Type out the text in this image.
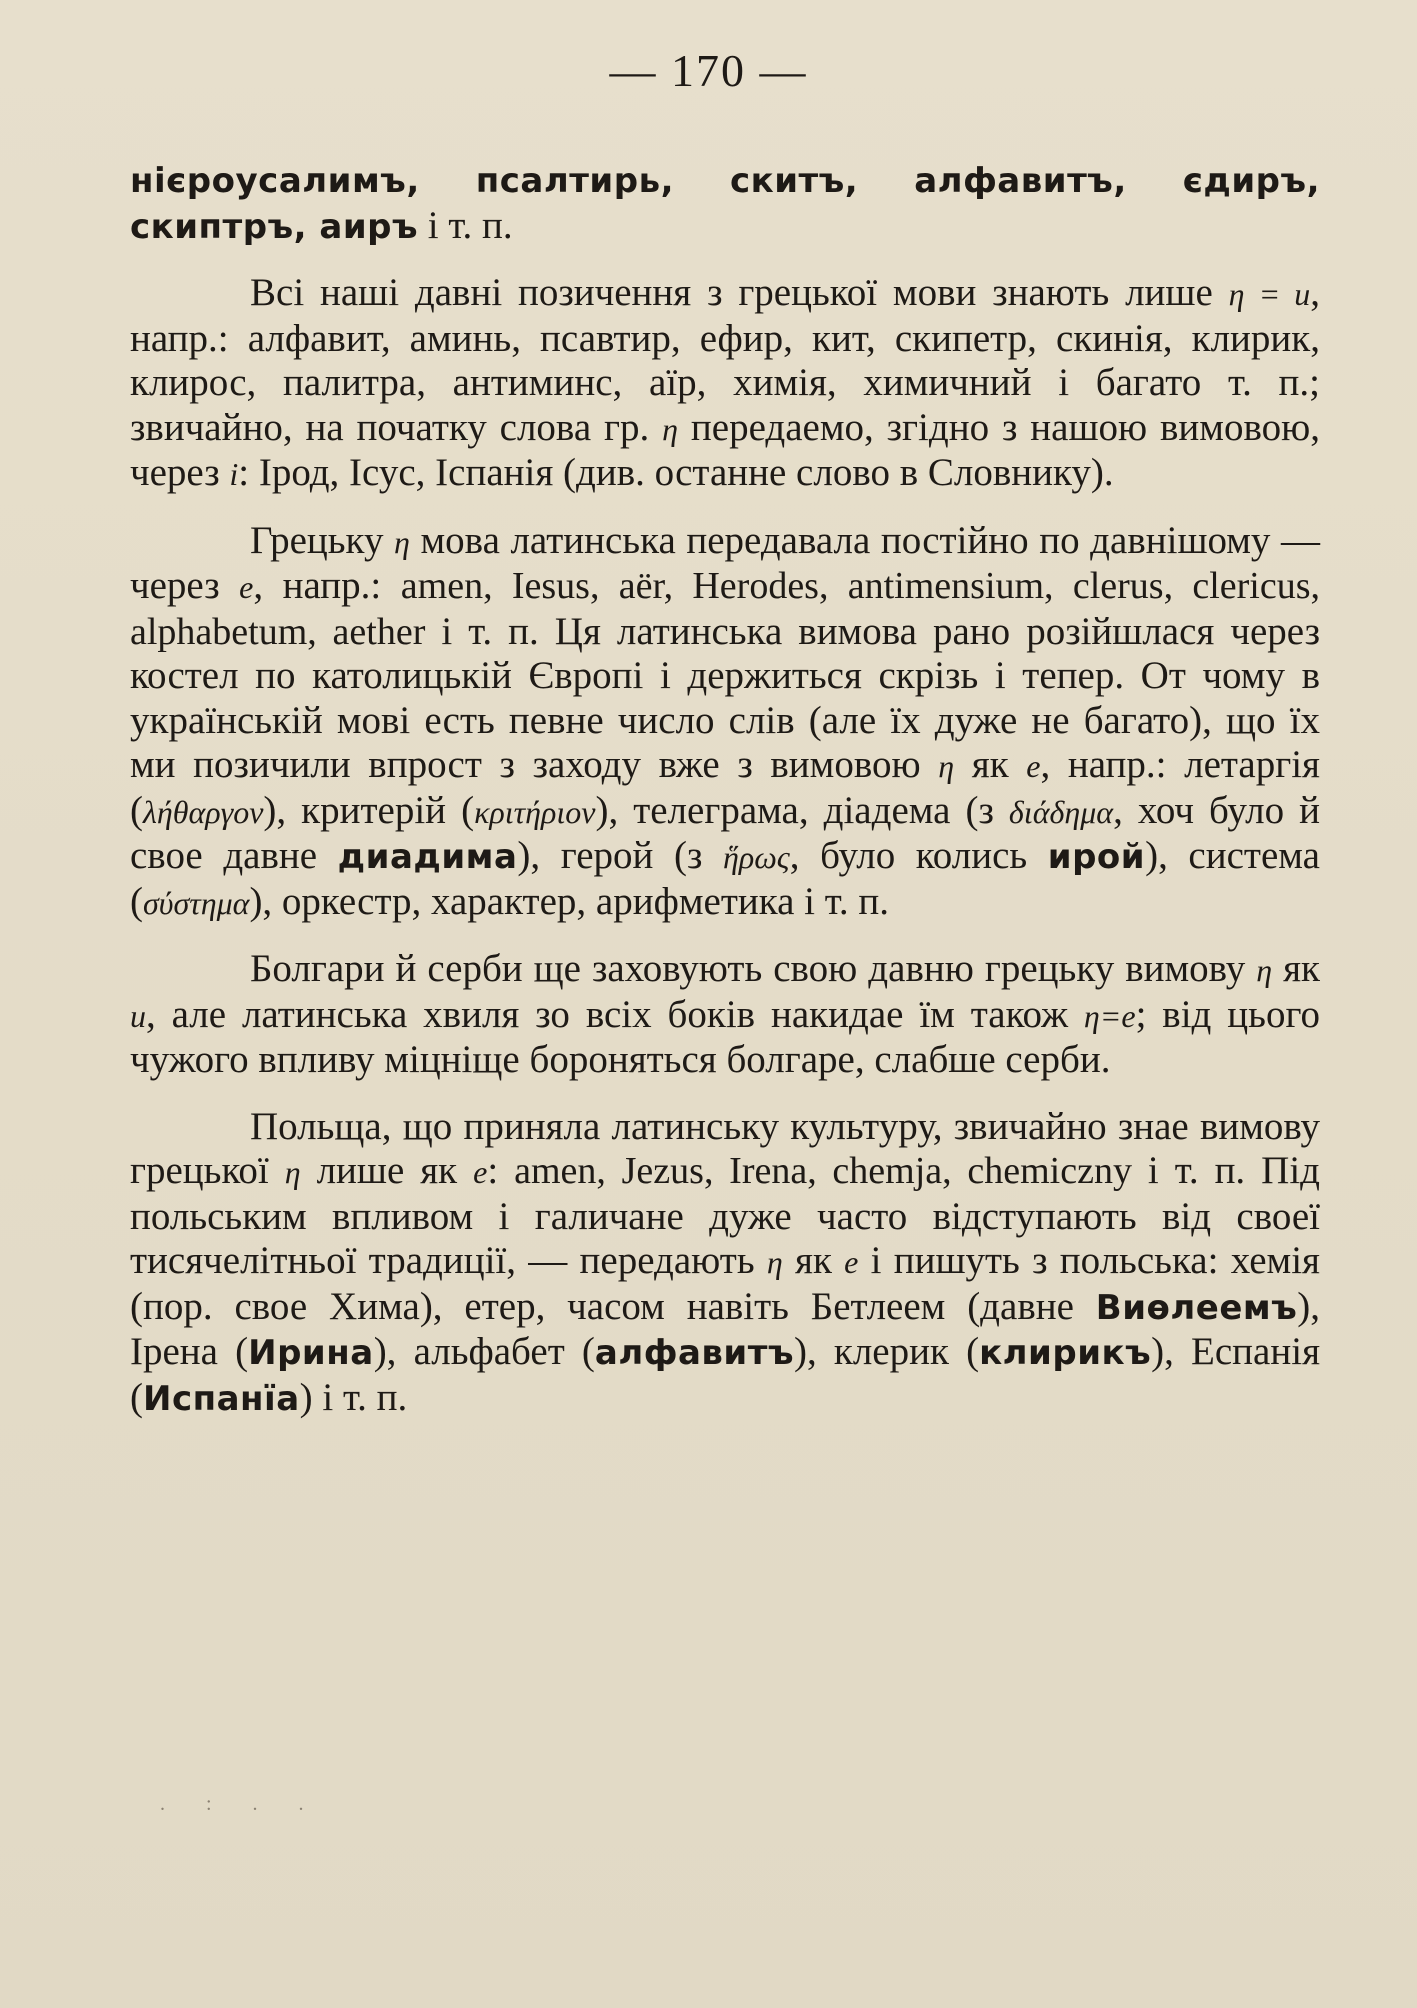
— 170 —

нієроусалимъ, псалтирь, скитъ, алфавитъ, єдиръ, скиптръ, аиръ і т. п.

Всі наші давні позичення з грецької мови знають лише η = и, напр.: алфавит, аминь, псавтир, ефир, кит, скипетр, скинія, клирик, клирос, палитра, антиминс, аїр, химія, химичний і багато т. п.; звичайно, на початку слова гр. η передаемо, згідно з нашою вимовою, через і: Ірод, Ісус, Іспанія (див. останне слово в Словнику).

Грецьку η мова латинська передавала постійно по давнішому — через е, напр.: amen, Iesus, aёr, Herodes, antimensium, clerus, clericus, alphabetum, aether і т. п. Ця латинська вимова рано розійшлася через костел по католицькій Європі і держиться скрізь і тепер. От чому в українській мові есть певне число слів (але їх дуже не багато), що їх ми позичили впрост з заходу вже з вимовою η як е, напр.: летаргія (λήθαργον), критерій (κριτήριον), телеграма, діадема (з διάδημα, хоч було й свое давне диадима), герой (з ἥρως, було колись ирой), система (σύστημα), оркестр, характер, арифметика і т. п.

Болгари й серби ще заховують свою давню грецьку вимову η як и, але латинська хвиля зо всіх боків накидае їм також η=е; від цього чужого впливу міцніще бороняться болгаре, слабше серби.

Польща, що приняла латинську культуру, звичайно знае вимову грецької η лише як е: amen, Jezus, Irena, chemja, chemiczny і т. п. Під польським впливом і галичане дуже часто відступають від своеї тисячелітньої традиції, — передають η як е і пишуть з польська: хемія (пор. свое Хима), етер, часом навіть Бетлеем (давне Виѳлеемъ), Ірена (Ирина), альфабет (алфавитъ), клерик (клирикъ), Еспанія (Испанїа) і т. п.

. : . .
